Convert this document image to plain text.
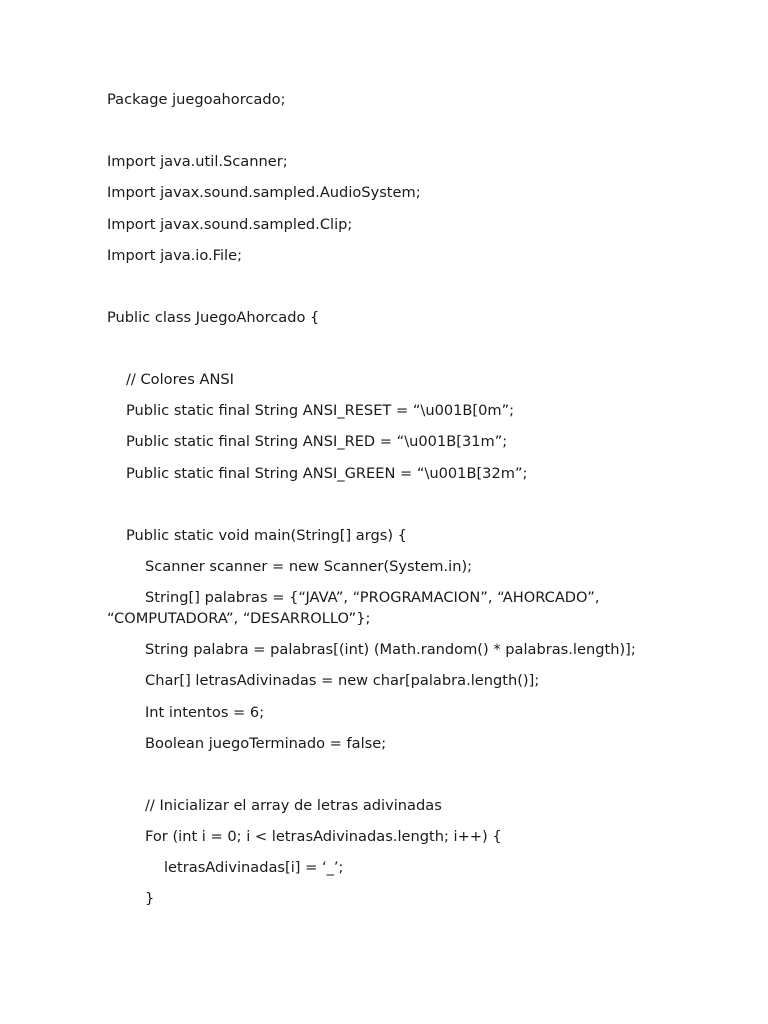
Package juegoahorcado;
Import java.util.Scanner;
Import javax.sound.sampled.AudioSystem;
Import javax.sound.sampled.Clip;
Import java.io.File;
Public class JuegoAhorcado {
// Colores ANSI
Public static final String ANSI_RESET = “\u001B[0m”;
Public static final String ANSI_RED = “\u001B[31m”;
Public static final String ANSI_GREEN = “\u001B[32m”;
Public static void main(String[] args) {
Scanner scanner = new Scanner(System.in);
String[] palabras = {“JAVA”, “PROGRAMACION”, “AHORCADO”, “COMPUTADORA”, “DESARROLLO”};
String palabra = palabras[(int) (Math.random() * palabras.length)];
Char[] letrasAdivinadas = new char[palabra.length()];
Int intentos = 6;
Boolean juegoTerminado = false;
// Inicializar el array de letras adivinadas
For (int i = 0; i < letrasAdivinadas.length; i++) {
letrasAdivinadas[i] = ‘_’;
}
